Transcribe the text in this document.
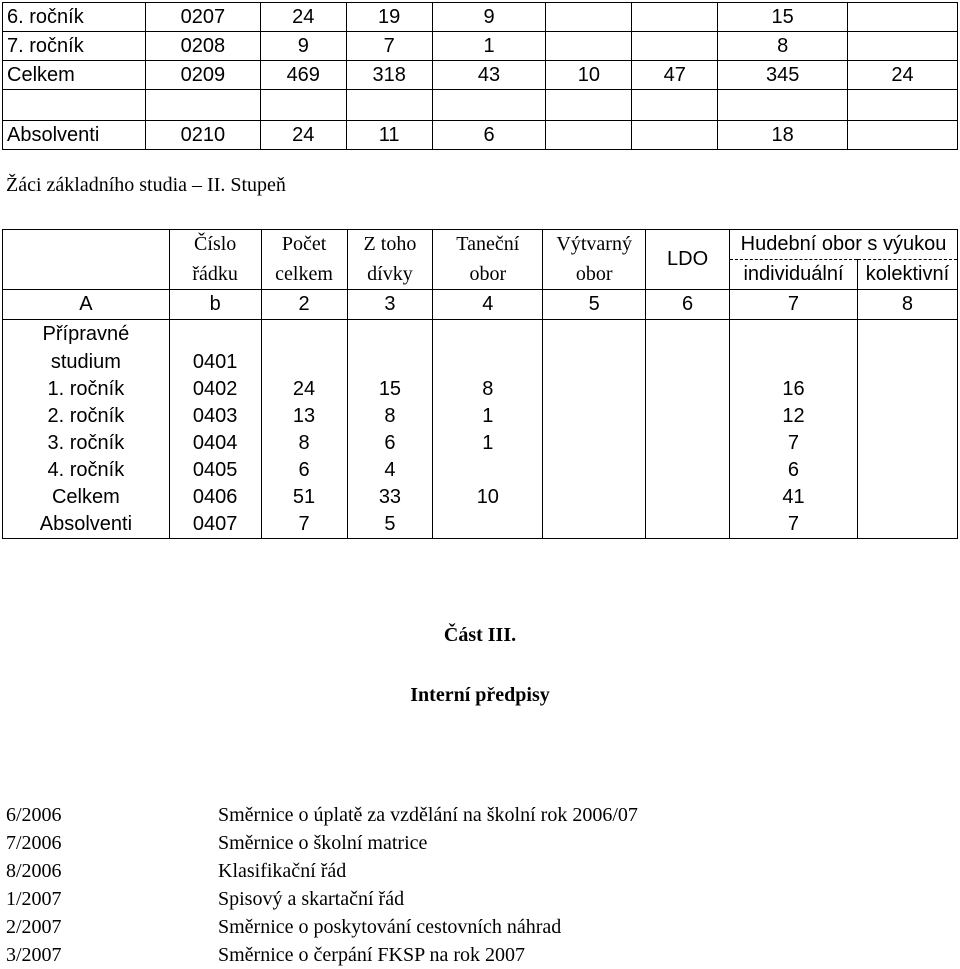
6. ročník	0207	24	19	9			15	
7. ročník	0208	9	7	1			8	
Celkem	0209	469	318	43	10	47	345	24

Absolventi	0210	24	11	6			18	
Žáci základního studia – II. Stupeň
	Číslo	Počet	Z toho	Taneční	Výtvarný	LDO	Hudební obor s výukou	
	řádku	celkem	dívky	obor	obor		individuální	kolektivní
A	b	2	3	4	5	6	7	8

Přípravné
studium	0401							
1. ročník	0402	24	15	8			16	
2. ročník	0403	13	8	1			12	
3. ročník	0404	8	6	1			7	
4. ročník	0405	6	4				6	
Celkem	0406	51	33	10			41	
Absolventi	0407	7	5				7	
Část III.
Interní předpisy
6/2006	Směrnice o úplatě za vzdělání na školní rok 2006/07
7/2006	Směrnice o školní matrice
8/2006	Klasifikační řád
1/2007	Spisový a skartační řád
2/2007	Směrnice o poskytování cestovních náhrad
3/2007	Směrnice o čerpání FKSP na rok 2007
